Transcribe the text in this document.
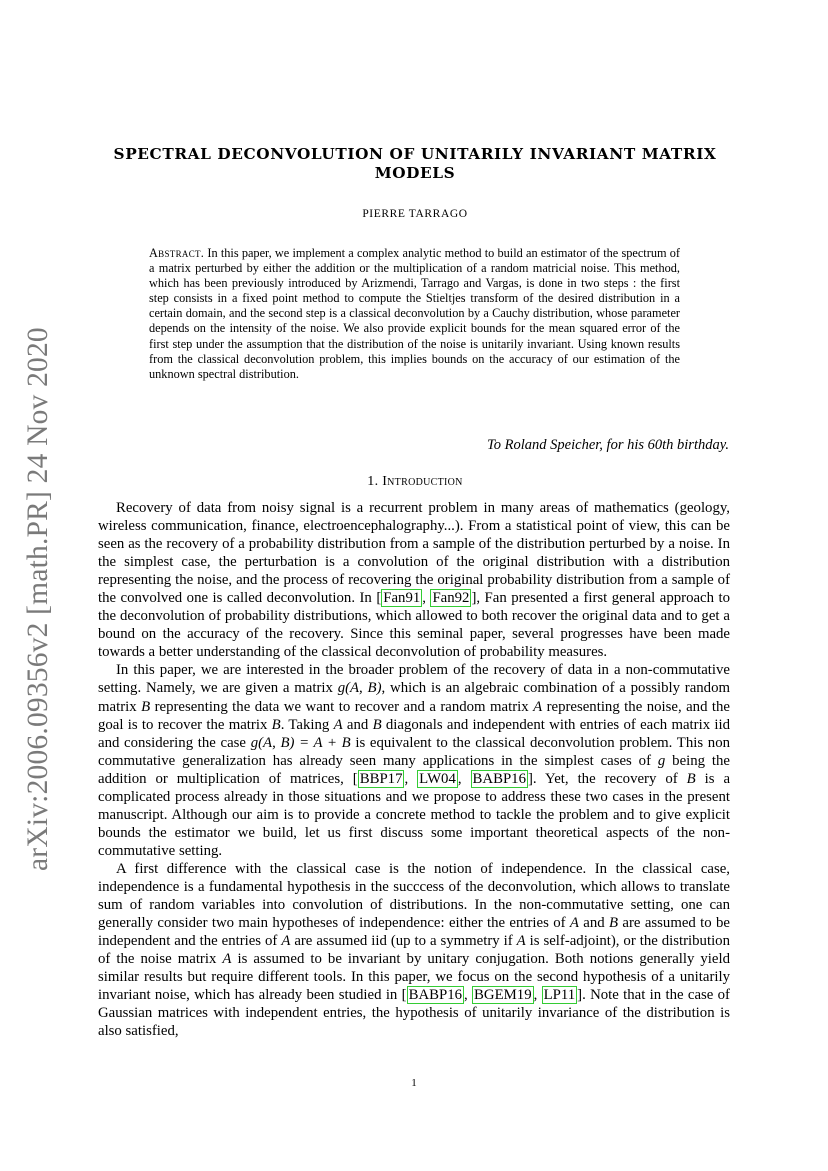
arXiv:2006.09356v2 [math.PR] 24 Nov 2020
SPECTRAL DECONVOLUTION OF UNITARILY INVARIANT MATRIX MODELS
PIERRE TARRAGO
Abstract. In this paper, we implement a complex analytic method to build an estimator of the spectrum of a matrix perturbed by either the addition or the multiplication of a random matricial noise. This method, which has been previously introduced by Arizmendi, Tarrago and Vargas, is done in two steps : the first step consists in a fixed point method to compute the Stieltjes transform of the desired distribution in a certain domain, and the second step is a classical deconvolution by a Cauchy distribution, whose parameter depends on the intensity of the noise. We also provide explicit bounds for the mean squared error of the first step under the assumption that the distribution of the noise is unitarily invariant. Using known results from the classical deconvolution problem, this implies bounds on the accuracy of our estimation of the unknown spectral distribution.
To Roland Speicher, for his 60th birthday.
1. Introduction

Recovery of data from noisy signal is a recurrent problem in many areas of mathematics (geology, wireless communication, finance, electroencephalography...). From a statistical point of view, this can be seen as the recovery of a probability distribution from a sample of the distribution perturbed by a noise. In the simplest case, the perturbation is a convolution of the original distribution with a distribution representing the noise, and the process of recovering the original probability distribution from a sample of the convolved one is called deconvolution. In [ Fan91 , Fan92 ], Fan presented a first general approach to the deconvolution of probability distributions, which allowed to both recover the original data and to get a bound on the accuracy of the recovery. Since this seminal paper, several progresses have been made towards a better understanding of the classical deconvolution of probability measures.

In this paper, we are interested in the broader problem of the recovery of data in a non-commutative setting. Namely, we are given a matrix g(A, B), which is an algebraic combination of a possibly random matrix B representing the data we want to recover and a random matrix A representing the noise, and the goal is to recover the matrix B. Taking A and B diagonals and independent with entries of each matrix iid and considering the case g(A, B) = A + B is equivalent to the classical deconvolution problem. This non commutative generalization has already seen many applications in the simplest cases of g being the addition or multiplication of matrices, [ BBP17 , LW04 , BABP16 ]. Yet, the recovery of B is a complicated process already in those situations and we propose to address these two cases in the present manuscript. Although our aim is to provide a concrete method to tackle the problem and to give explicit bounds the estimator we build, let us first discuss some important theoretical aspects of the non-commutative setting.

A first difference with the classical case is the notion of independence. In the classical case, independence is a fundamental hypothesis in the succcess of the deconvolution, which allows to translate sum of random variables into convolution of distributions. In the non-commutative setting, one can generally consider two main hypotheses of independence: either the entries of A and B are assumed to be independent and the entries of A are assumed iid (up to a symmetry if A is self-adjoint), or the distribution of the noise matrix A is assumed to be invariant by unitary conjugation. Both notions generally yield similar results but require different tools. In this paper, we focus on the second hypothesis of a unitarily invariant noise, which has already been studied in [ BABP16 , BGEM19 , LP11 ]. Note that in the case of Gaussian matrices with independent entries, the hypothesis of unitarily invariance of the distribution is also satisfied,

1
